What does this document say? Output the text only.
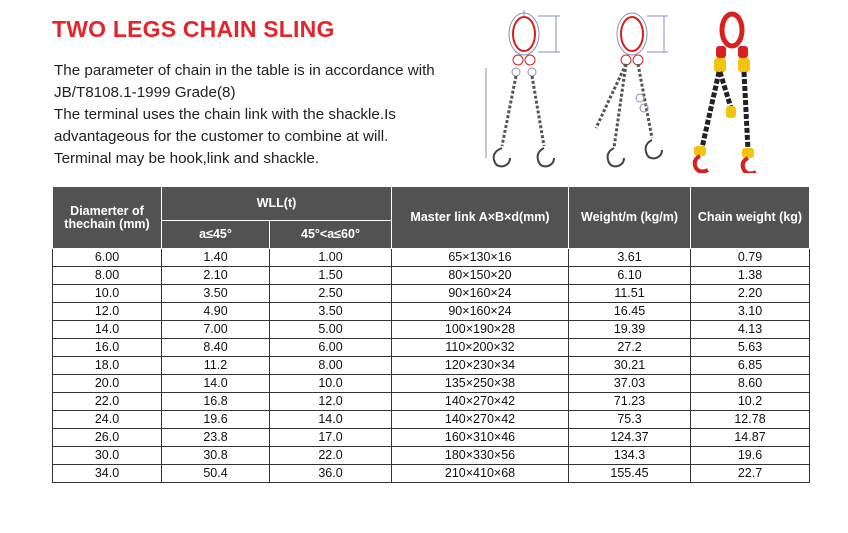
TWO LEGS CHAIN SLING

The parameter of chain in the table is in accordance with

JB/T8108.1-1999 Grade(8)

The terminal uses the chain link with the shackle.Is

advantageous for the customer to combine at will.

Terminal may be hook,link and shackle.

Diamerter of thechain (mm)	WLL(t)		Master link A×B×d(mm)	Weight/m (kg/m)	Chain weight (kg)
	a≤45°	45°<a≤60°			
6.00	1.40	1.00	65×130×16	3.61	0.79
8.00	2.10	1.50	80×150×20	6.10	1.38
10.0	3.50	2.50	90×160×24	11.51	2.20
12.0	4.90	3.50	90×160×24	16.45	3.10
14.0	7.00	5.00	100×190×28	19.39	4.13
16.0	8.40	6.00	110×200×32	27.2	5.63
18.0	11.2	8.00	120×230×34	30.21	6.85
20.0	14.0	10.0	135×250×38	37.03	8.60
22.0	16.8	12.0	140×270×42	71.23	10.2
24.0	19.6	14.0	140×270×42	75.3	12.78
26.0	23.8	17.0	160×310×46	124.37	14.87
30.0	30.8	22.0	180×330×56	134.3	19.6
34.0	50.4	36.0	210×410×68	155.45	22.7
